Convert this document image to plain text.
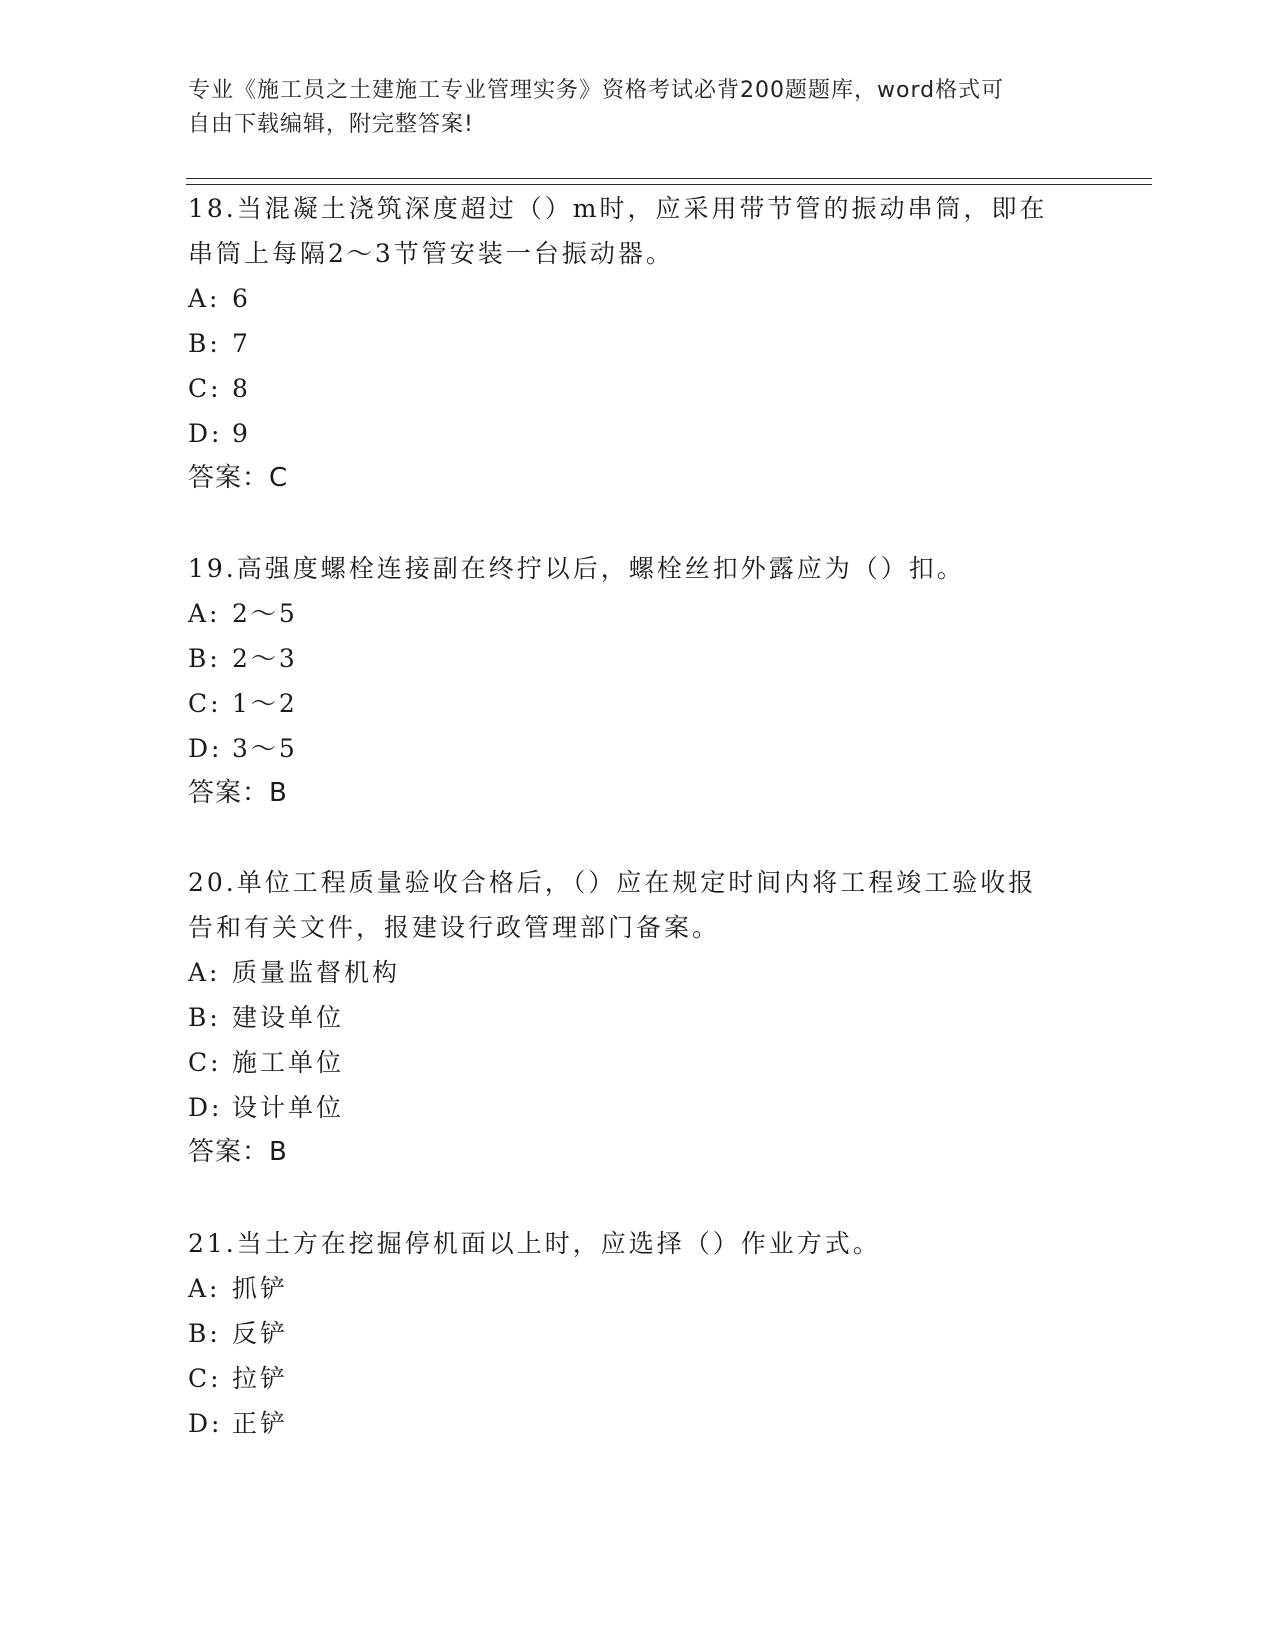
专业《施工员之土建施工专业管理实务》资格考试必背200题题库，word格式可
自由下载编辑，附完整答案!

18.当混凝土浇筑深度超过（）m时，应采用带节管的振动串筒，即在

串筒上每隔2～3节管安装一台振动器。

A: 6

B: 7

C: 8

D: 9

答案：C

19.高强度螺栓连接副在终拧以后，螺栓丝扣外露应为（）扣。

A: 2～5

B: 2～3

C: 1～2

D: 3～5

答案：B

20.单位工程质量验收合格后，（）应在规定时间内将工程竣工验收报

告和有关文件，报建设行政管理部门备案。

A: 质量监督机构

B: 建设单位

C: 施工单位

D: 设计单位

答案：B

21.当土方在挖掘停机面以上时，应选择（）作业方式。

A: 抓铲

B: 反铲

C: 拉铲

D: 正铲
